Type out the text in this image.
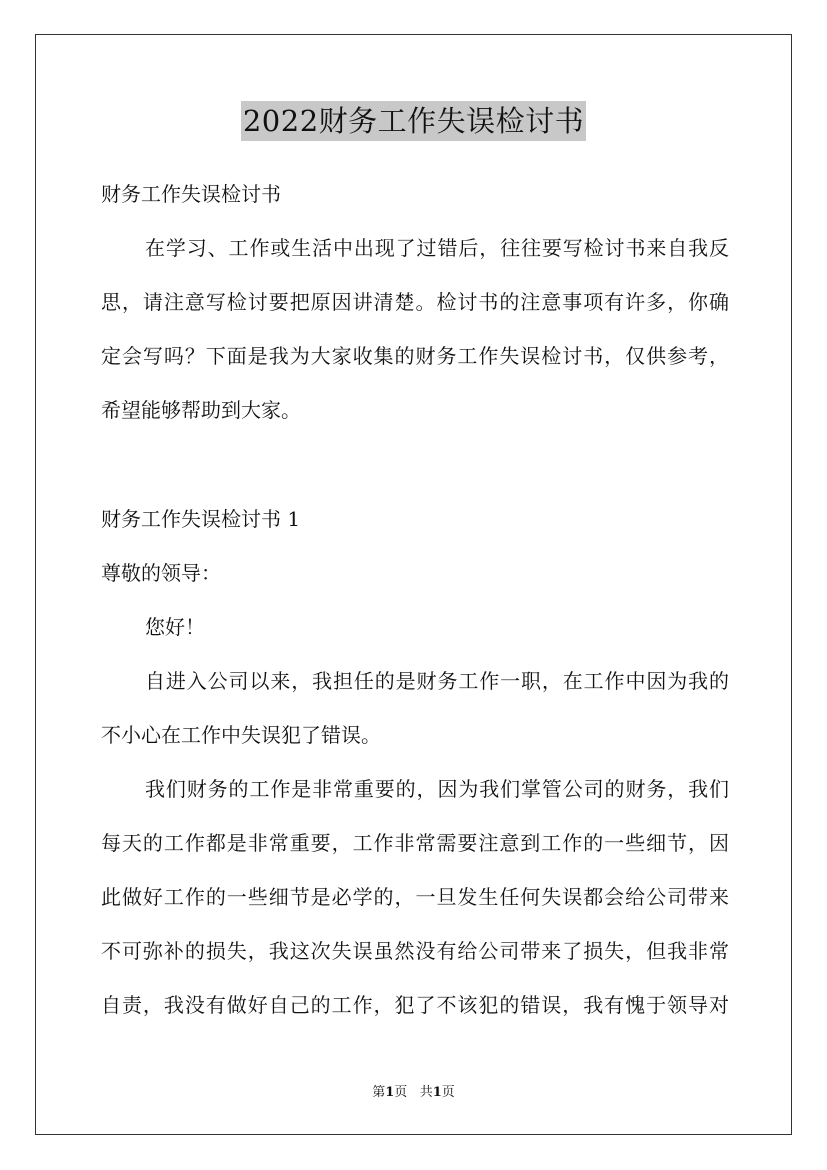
2022财务工作失误检讨书
财务工作失误检讨书
在学习、工作或生活中出现了过错后，往往要写检讨书来自我反
思，请注意写检讨要把原因讲清楚。检讨书的注意事项有许多，你确
定会写吗？下面是我为大家收集的财务工作失误检讨书，仅供参考，
希望能够帮助到大家。
财务工作失误检讨书 1
尊敬的领导：
您好！
自进入公司以来，我担任的是财务工作一职，在工作中因为我的
不小心在工作中失误犯了错误。
我们财务的工作是非常重要的，因为我们掌管公司的财务，我们
每天的工作都是非常重要，工作非常需要注意到工作的一些细节，因
此做好工作的一些细节是必学的，一旦发生任何失误都会给公司带来
不可弥补的损失，我这次失误虽然没有给公司带来了损失，但我非常
自责，我没有做好自己的工作，犯了不该犯的错误，我有愧于领导对
第1页 共1页
